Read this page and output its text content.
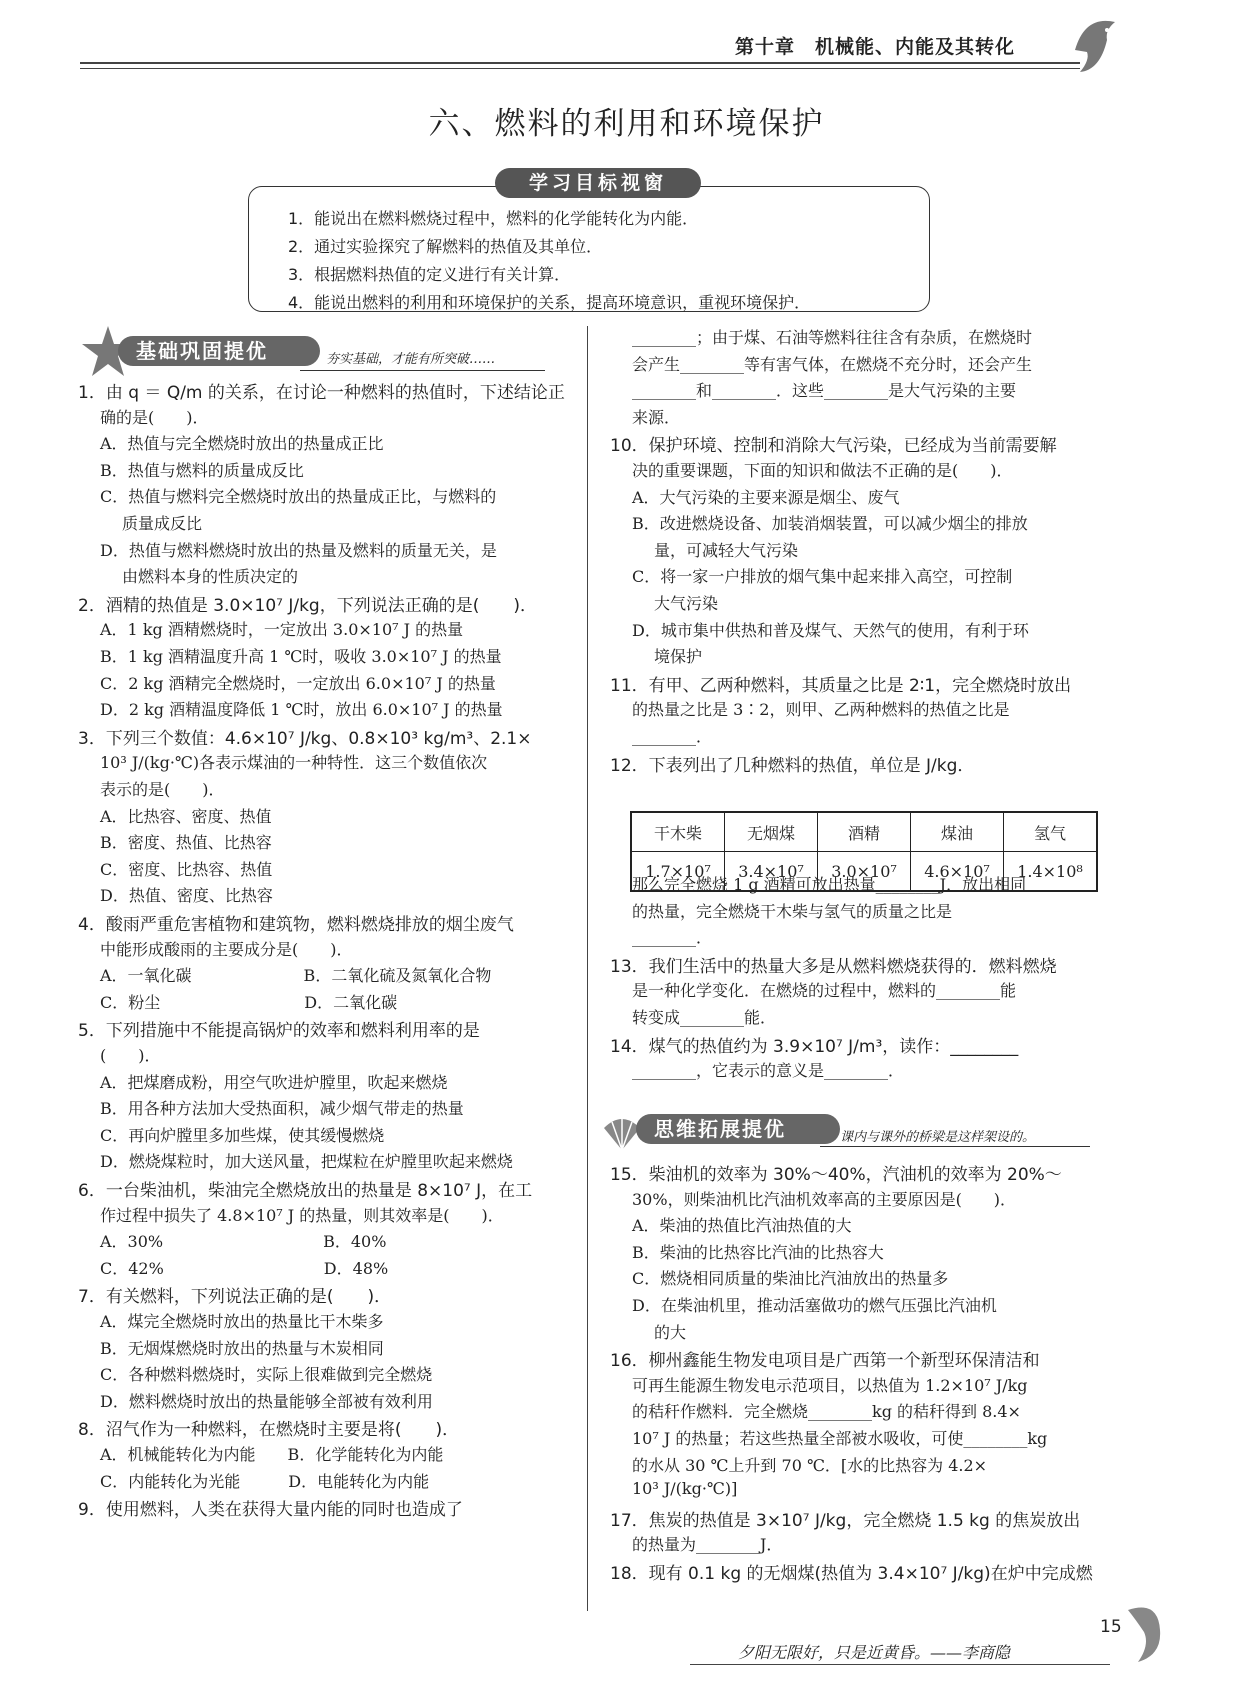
第十章　机械能、内能及其转化
六、燃料的利用和环境保护
学习目标视窗
1．能说出在燃料燃烧过程中，燃料的化学能转化为内能．
2．通过实验探究了解燃料的热值及其单位．
3．根据燃料热值的定义进行有关计算．
4．能说出燃料的利用和环境保护的关系，提高环境意识，重视环境保护．
基础巩固提优	夯实基础，才能有所突破……
1．由 q ＝ Q/m 的关系，在讨论一种燃料的热值时，下述结论正
确的是(　　)．
A．热值与完全燃烧时放出的热量成正比
B．热值与燃料的质量成反比
C．热值与燃料完全燃烧时放出的热量成正比，与燃料的
质量成反比
D．热值与燃料燃烧时放出的热量及燃料的质量无关，是
由燃料本身的性质决定的
2．酒精的热值是 3.0×10⁷ J/kg，下列说法正确的是(　　)．
A．1 kg 酒精燃烧时，一定放出 3.0×10⁷ J 的热量
B．1 kg 酒精温度升高 1 ℃时，吸收 3.0×10⁷ J 的热量
C．2 kg 酒精完全燃烧时，一定放出 6.0×10⁷ J 的热量
D．2 kg 酒精温度降低 1 ℃时，放出 6.0×10⁷ J 的热量
3．下列三个数值：4.6×10⁷ J/kg、0.8×10³ kg/m³、2.1×
10³ J/(kg·℃)各表示煤油的一种特性．这三个数值依次
表示的是(　　)．
A．比热容、密度、热值
B．密度、热值、比热容
C．密度、比热容、热值
D．热值、密度、比热容
4．酸雨严重危害植物和建筑物，燃料燃烧排放的烟尘废气
中能形成酸雨的主要成分是(　　)．
A．一氧化碳　　　　　　　B．二氧化硫及氮氧化合物
C．粉尘　　　　　　　　　D．二氧化碳
5．下列措施中不能提高锅炉的效率和燃料利用率的是
(　　)．
A．把煤磨成粉，用空气吹进炉膛里，吹起来燃烧
B．用各种方法加大受热面积，减少烟气带走的热量
C．再向炉膛里多加些煤，使其缓慢燃烧
D．燃烧煤粒时，加大送风量，把煤粒在炉膛里吹起来燃烧
6．一台柴油机，柴油完全燃烧放出的热量是 8×10⁷ J，在工
作过程中损失了 4.8×10⁷ J 的热量，则其效率是(　　)．
A．30%　　　　　　　　　　B．40%
C．42%　　　　　　　　　　D．48%
7．有关燃料，下列说法正确的是(　　)．
A．煤完全燃烧时放出的热量比干木柴多
B．无烟煤燃烧时放出的热量与木炭相同
C．各种燃料燃烧时，实际上很难做到完全燃烧
D．燃料燃烧时放出的热量能够全部被有效利用
8．沼气作为一种燃料，在燃烧时主要是将(　　)．
A．机械能转化为内能　　B．化学能转化为内能
C．内能转化为光能　　　D．电能转化为内能
9．使用燃料，人类在获得大量内能的同时也造成了
________；由于煤、石油等燃料往往含有杂质，在燃烧时
会产生________等有害气体，在燃烧不充分时，还会产生
________和________．这些________是大气污染的主要
来源．
10．保护环境、控制和消除大气污染，已经成为当前需要解
决的重要课题，下面的知识和做法不正确的是(　　)．
A．大气污染的主要来源是烟尘、废气
B．改进燃烧设备、加装消烟装置，可以减少烟尘的排放
量，可减轻大气污染
C．将一家一户排放的烟气集中起来排入高空，可控制
大气污染
D．城市集中供热和普及煤气、天然气的使用，有利于环
境保护
11．有甲、乙两种燃料，其质量之比是 2∶1，完全燃烧时放出
的热量之比是 3∶2，则甲、乙两种燃料的热值之比是
________．
12．下表列出了几种燃料的热值，单位是 J/kg．
那么完全燃烧 1 g 酒精可放出热量________J．放出相同
的热量，完全燃烧干木柴与氢气的质量之比是
________．
13．我们生活中的热量大多是从燃料燃烧获得的．燃料燃烧
是一种化学变化．在燃烧的过程中，燃料的________能
转变成________能．
14．煤气的热值约为 3.9×10⁷ J/m³，读作：________
________，它表示的意义是________．
15．柴油机的效率为 30%～40%，汽油机的效率为 20%～
30%，则柴油机比汽油机效率高的主要原因是(　　)．
A．柴油的热值比汽油热值的大
B．柴油的比热容比汽油的比热容大
C．燃烧相同质量的柴油比汽油放出的热量多
D．在柴油机里，推动活塞做功的燃气压强比汽油机
的大
16．柳州鑫能生物发电项目是广西第一个新型环保清洁和
可再生能源生物发电示范项目，以热值为 1.2×10⁷ J/kg
的秸秆作燃料．完全燃烧________kg 的秸秆得到 8.4×
10⁷ J 的热量；若这些热量全部被水吸收，可使________kg
的水从 30 ℃上升到 70 ℃．[水的比热容为 4.2×
10³ J/(kg·℃)]
17．焦炭的热值是 3×10⁷ J/kg，完全燃烧 1.5 kg 的焦炭放出
的热量为________J．
18．现有 0.1 kg 的无烟煤(热值为 3.4×10⁷ J/kg)在炉中完成燃
干木柴	无烟煤	酒精	煤油	氢气
1.7×10⁷	3.4×10⁷	3.0×10⁷	4.6×10⁷	1.4×10⁸
思维拓展提优	课内与课外的桥梁是这样架设的。
15
夕阳无限好，只是近黄昏。——李商隐
